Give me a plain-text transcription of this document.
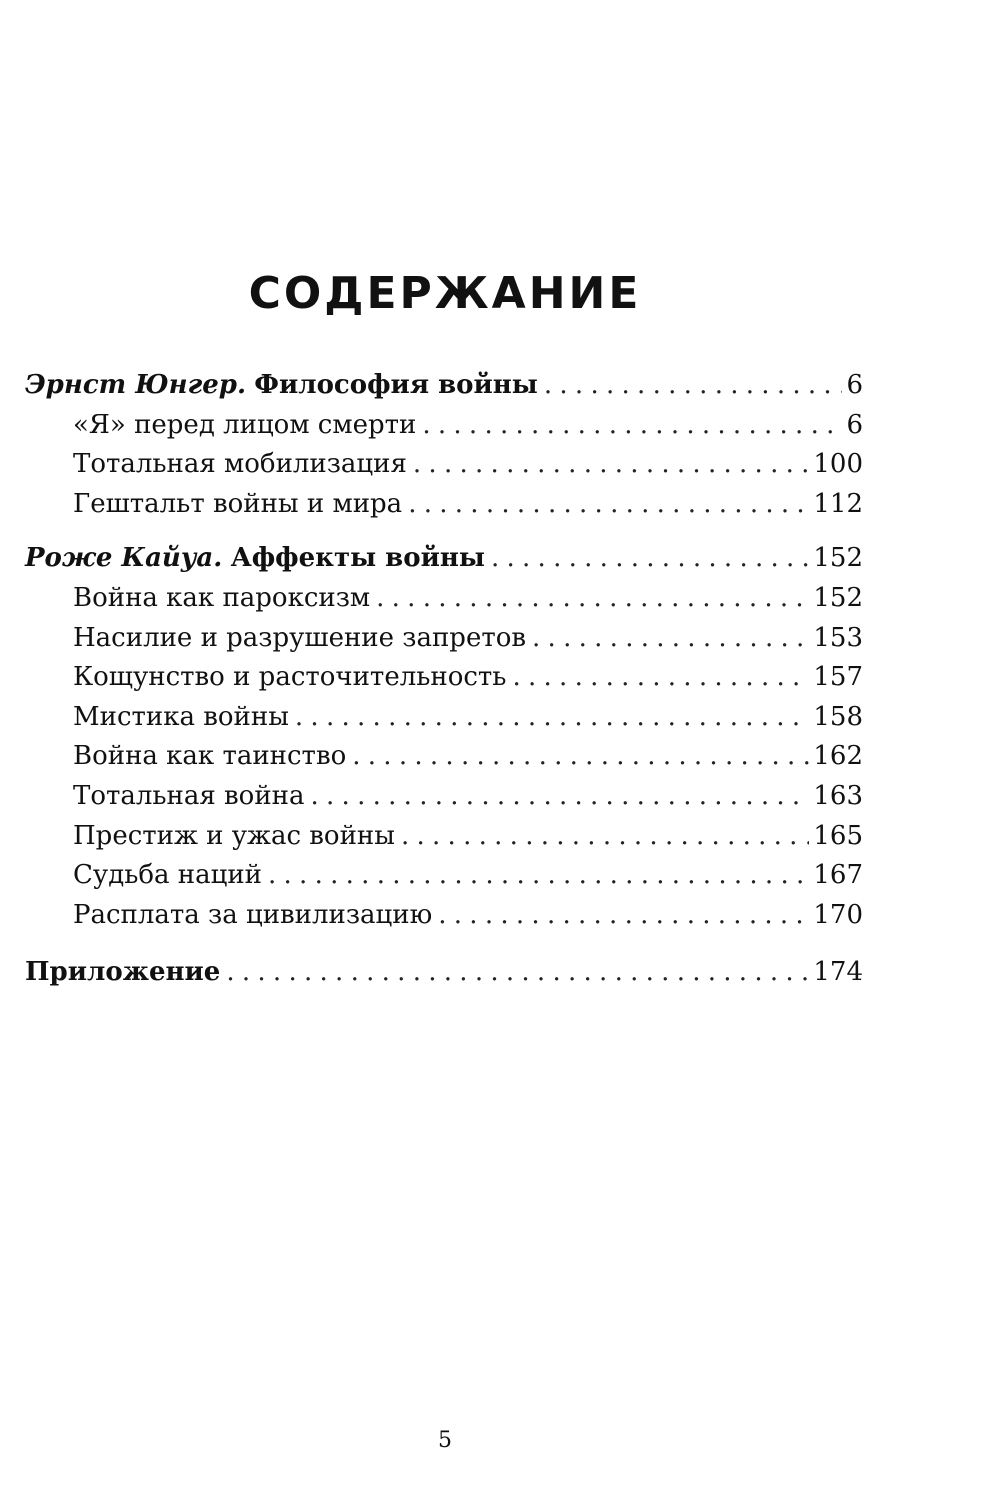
СОДЕРЖАНИЕ
Эрнст Юнгер. Философия войны . . .	6
«Я» перед лицом смерти . . .	6
Тотальная мобилизация . . .	100
Гештальт войны и мира . . .	112
Роже Кайуа. Аффекты войны . . .	152
Война как пароксизм . . .	152
Насилие и разрушение запретов . . .	153
Кощунство и расточительность . . .	157
Мистика войны . . .	158
Война как таинство . . .	162
Тотальная война . . .	163
Престиж и ужас войны . . .	165
Судьба наций . . .	167
Расплата за цивилизацию . . .	170
Приложение . . .	174
5
